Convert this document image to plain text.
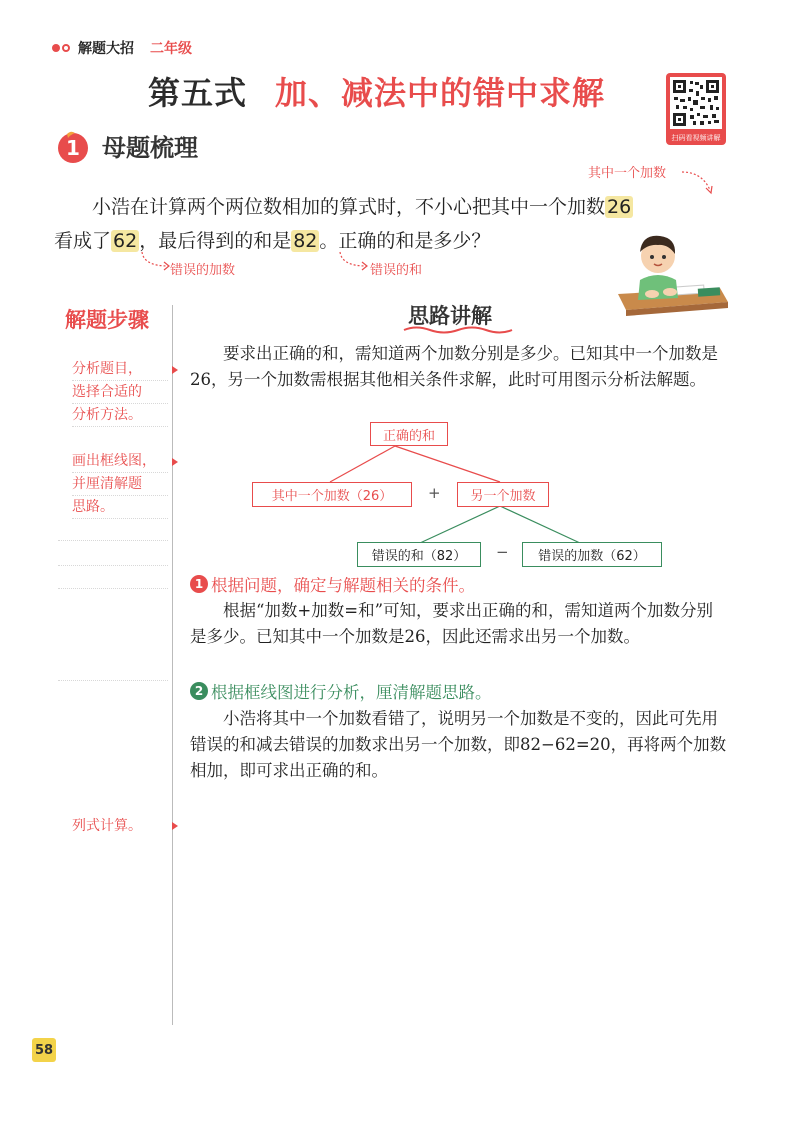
解题大招 二年级
第五式 加、减法中的错中求解
扫码看视频讲解
1 母题梳理
其中一个加数
小浩在计算两个两位数相加的算式时，不小心把其中一个加数 26
看成了 62 ，最后得到的和是 82 。正确的和是多少？
错误的加数	错误的和
解题步骤
分析题目，
选择合适的
分析方法。
画出框线图，
并厘清解题
思路。
列式计算。
思路讲解

要求出正确的和，需知道两个加数分别是多少。已知其中一个加数是26，另一个加数需根据其他相关条件求解，此时可用图示分析法解题。

正确的和
其中一个加数（26）	+	另一个加数
错误的和（82）	−	错误的加数（62）
1 根据问题，确定与解题相关的条件。

根据“加数+加数=和”可知，要求出正确的和，需知道两个加数分别是多少。已知其中一个加数是26，因此还需求出另一个加数。

2 根据框线图进行分析，厘清解题思路。

小浩将其中一个加数看错了，说明另一个加数是不变的，因此可先用错误的和减去错误的加数求出另一个加数，即82−62=20，再将两个加数相加，即可求出正确的和。

58
